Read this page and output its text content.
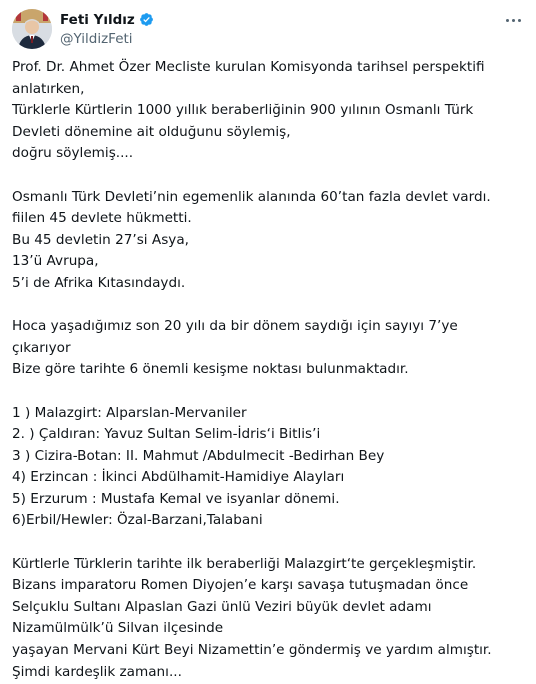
Feti Yıldız
@YildizFeti
Prof. Dr. Ahmet Özer Mecliste kurulan Komisyonda tarihsel perspektifi
anlatırken,
Türklerle Kürtlerin 1000 yıllık beraberliğinin 900 yılının Osmanlı Türk
Devleti dönemine ait olduğunu söylemiş,
doğru söylemiş....
Osmanlı Türk Devleti’nin egemenlik alanında 60’tan fazla devlet vardı.
fiilen 45 devlete hükmetti.
Bu 45 devletin 27’si Asya,
13’ü Avrupa,
5’i de Afrika Kıtasındaydı.
Hoca yaşadığımız son 20 yılı da bir dönem saydığı için sayıyı 7’ye
çıkarıyor
Bize göre tarihte 6 önemli kesişme noktası bulunmaktadır.
1 ) Malazgirt: Alparslan-Mervaniler
2. ) Çaldıran: Yavuz Sultan Selim-İdris‘i Bitlis’i
3 ) Cizira-Botan: II. Mahmut /Abdulmecit -Bedirhan Bey
4) Erzincan : İkinci Abdülhamit-Hamidiye Alayları
5) Erzurum : Mustafa Kemal ve isyanlar dönemi.
6)Erbil/Hewler: Özal-Barzani,Talabani
Kürtlerle Türklerin tarihte ilk beraberliği Malazgirt‘te gerçekleşmiştir.
Bizans imparatoru Romen Diyojen’e karşı savaşa tutuşmadan önce
Selçuklu Sultanı Alpaslan Gazi ünlü Veziri büyük devlet adamı
Nizamülmülk’ü Silvan ilçesinde
yaşayan Mervani Kürt Beyi Nizamettin’e göndermiş ve yardım almıştır.
Şimdi kardeşlik zamanı...
